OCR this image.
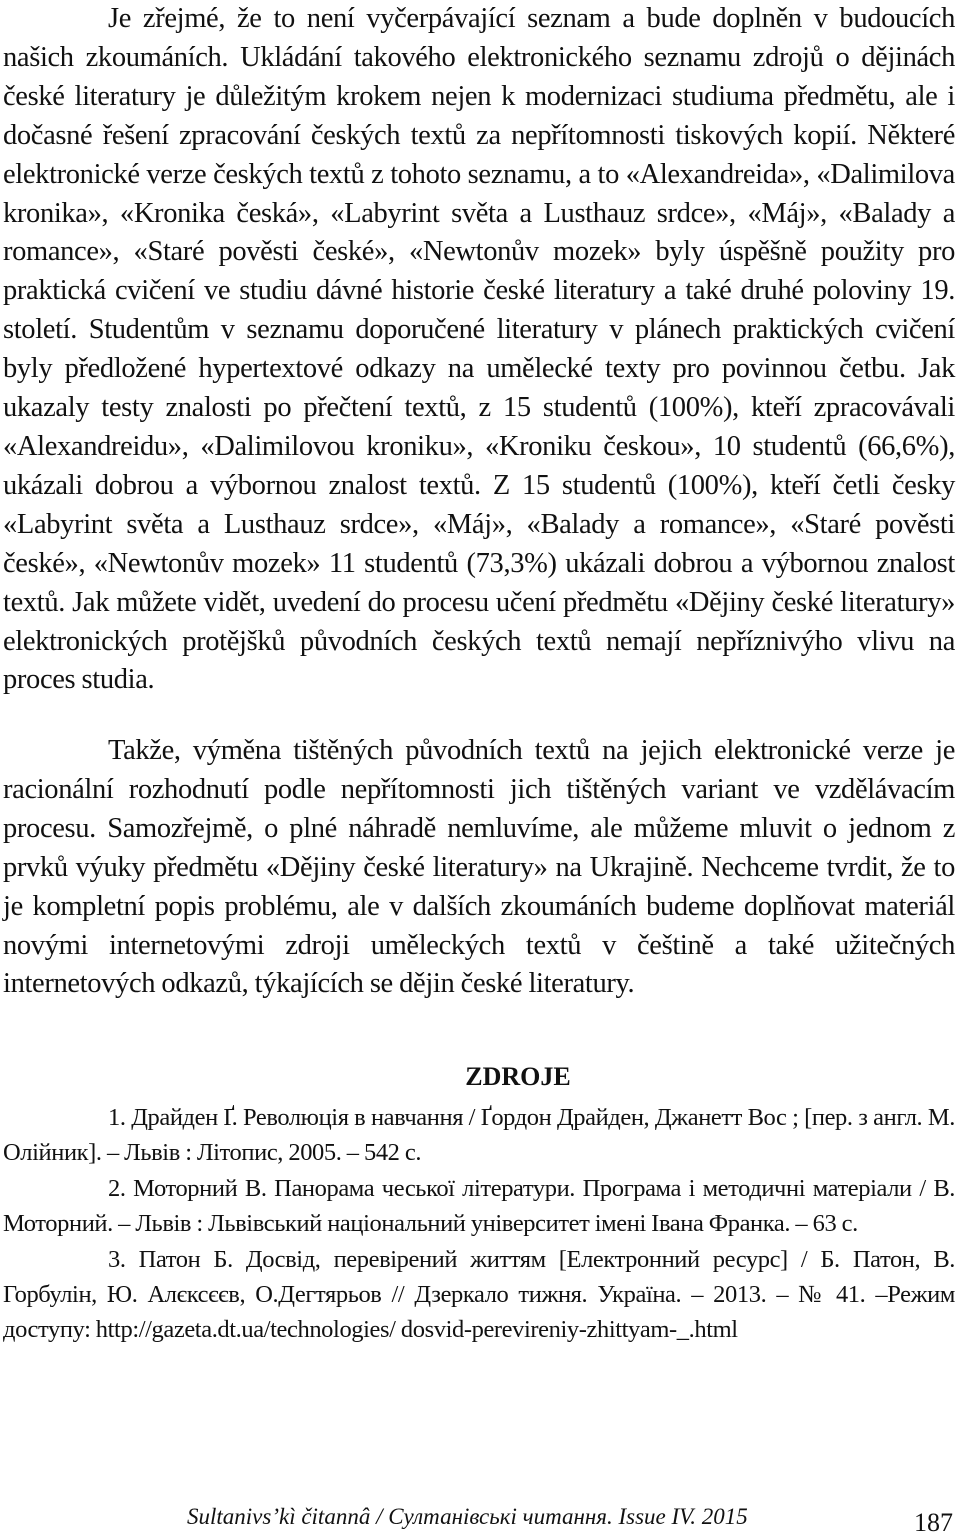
Je zřejmé, že to není vyčerpávající seznam a bude doplněn v budoucích našich zkoumáních. Ukládání takového elektronického seznamu zdrojů o dějinách české literatury je důležitým krokem nejen k modernizaci studiuma předmětu, ale i dočasné řešení zpracování českých textů za nepřítomnosti tiskových kopií. Některé elektronické verze českých textů z tohoto seznamu, a to «Alexandreida», «Dalimilova kronika», «Kronika česká», «Labyrint světa a Lusthauz srdce», «Máj», «Balady a romance», «Staré pověsti české», «Newtonův mozek» byly úspěšně použity pro praktická cvičení ve studiu dávné historie české literatury a také druhé poloviny 19. století. Studentům v seznamu doporučené literatury v plánech praktických cvičení byly předložené hypertextové odkazy na umělecké texty pro povinnou četbu. Jak ukazaly testy znalosti po přečtení textů, z 15 studentů (100%), kteří zpracovávali «Alexandreidu», «Dalimilovou kroniku», «Kroniku českou», 10 studentů (66,6%), ukázali dobrou a výbornou znalost textů. Z 15 studentů (100%), kteří četli česky «Labyrint světa a Lusthauz srdce», «Máj», «Balady a romance», «Staré pověsti české», «Newtonův mozek» 11 studentů (73,3%) ukázali dobrou a výbornou znalost textů. Jak můžete vidět, uvedení do procesu učení předmětu «Dějiny české literatury» elektronických protějšků původních českých textů nemají nepříznivýho vlivu na proces studia.

Takže, výměna tištěných původních textů na jejich elektronické verze je racionální rozhodnutí podle nepřítomnosti jich tištěných variant ve vzdělávacím procesu. Samozřejmě, o plné náhradě nemluvíme, ale můžeme mluvit o jednom z prvků výuky předmětu «Dějiny české literatury» na Ukrajině. Nechceme tvrdit, že to je kompletní popis problému, ale v dalších zkoumáních budeme doplňovat materiál novými internetovými zdroji uměleckých textů v češtině a také užitečných internetových odkazů, týkajících se dějin české literatury.

ZDROJE

1. Драйден Ґ. Революція в навчання / Ґордон Драйден, Джанетт Вос ; [пер. з англ. М. Олійник]. – Львів : Літопис, 2005. – 542 с.

2. Моторний В. Панорама чеської літератури. Програма і методичні матеріали / В. Моторний. – Львів : Львівський національний університет імені Івана Франка. – 63 с.

3. Патон Б. Досвід, перевірений життям [Електронний ресурс] / Б. Патон, В. Горбулін, Ю. Алєксєєв, О.Дегтярьов // Дзеркало тижня. Україна. – 2013. – № 41. –Режим доступу: http://gazeta.dt.ua/technologies/ dosvid-perevireniy-zhittyam-_.html

Sultanivs’kì čitannâ / Султанівські читання. Issue IV. 2015	187
